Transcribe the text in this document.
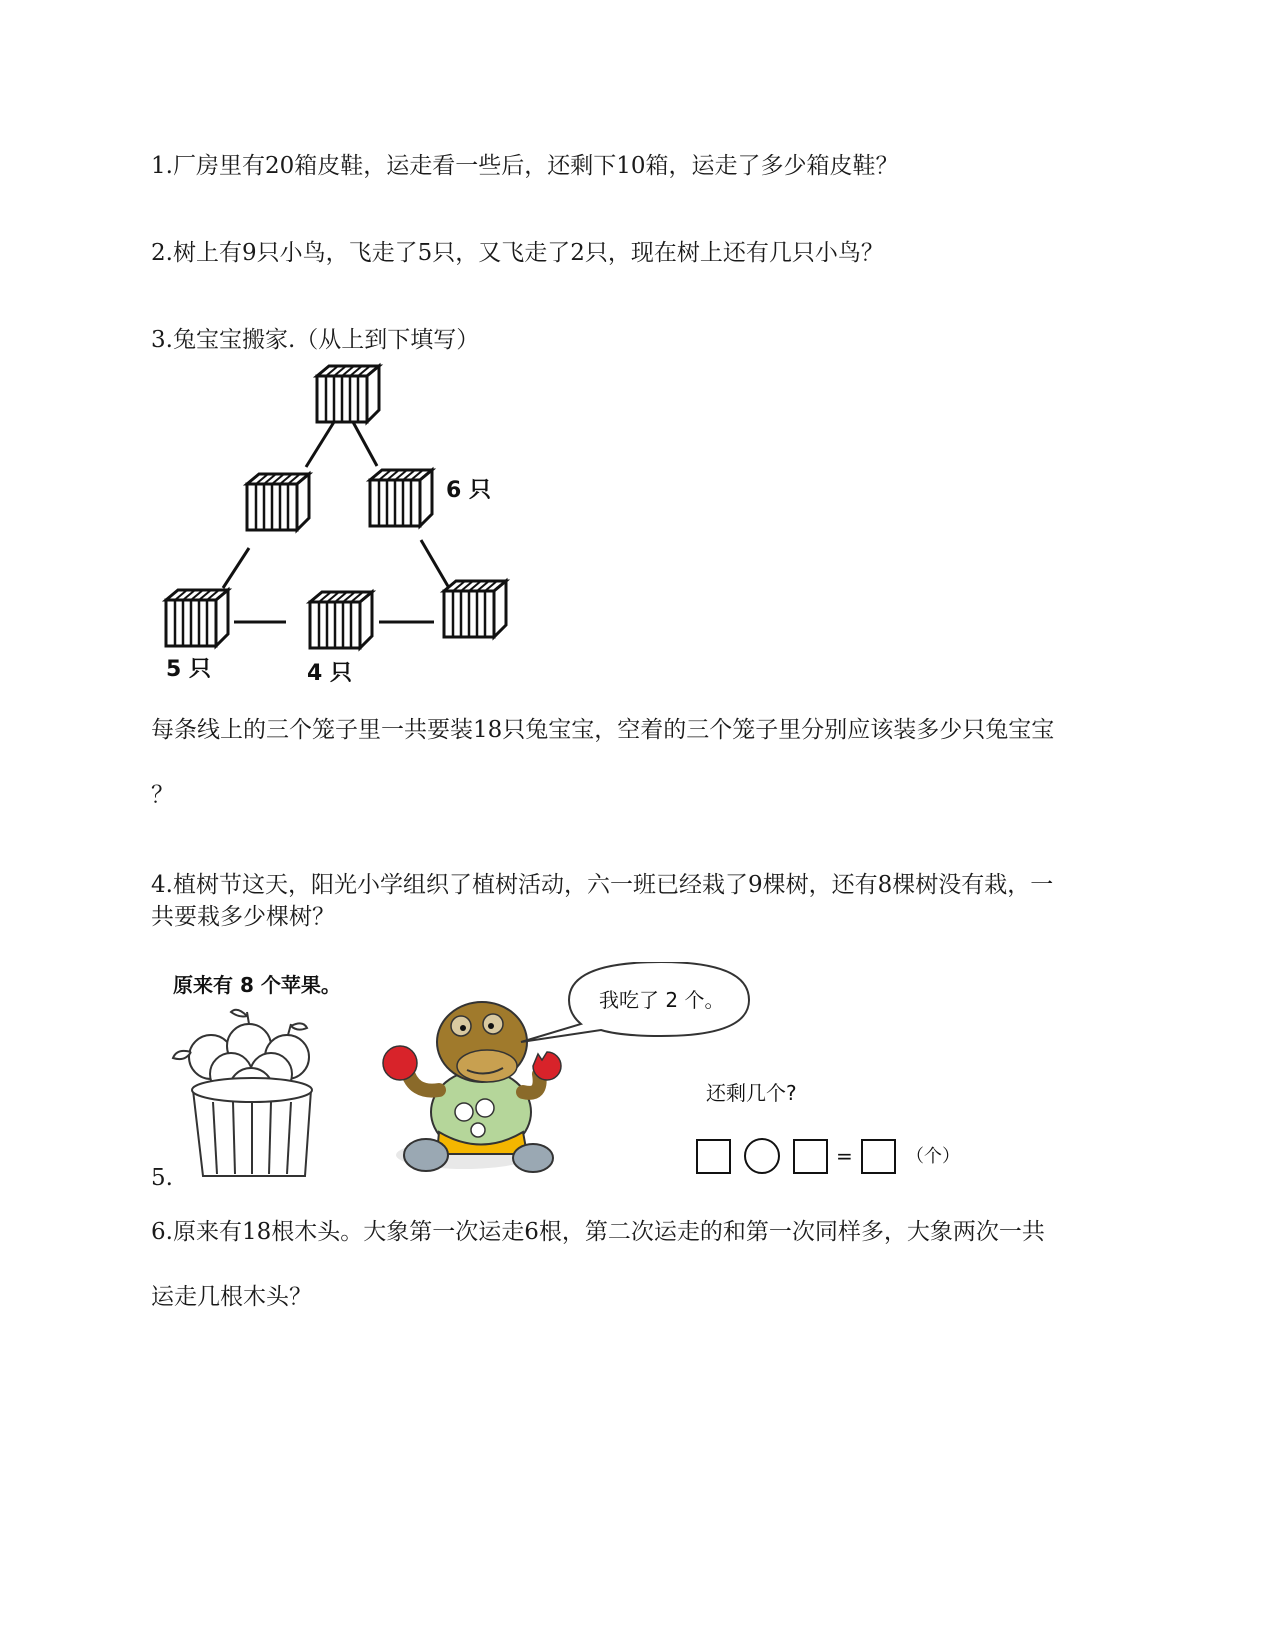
1.厂房里有20箱皮鞋，运走看一些后，还剩下10箱，运走了多少箱皮鞋？
2.树上有9只小鸟，飞走了5只，又飞走了2只，现在树上还有几只小鸟？
3.兔宝宝搬家.（从上到下填写）
6 只
5 只	4 只
每条线上的三个笼子里一共要装18只兔宝宝，空着的三个笼子里分别应该装多少只兔宝宝
？
4.植树节这天，阳光小学组织了植树活动，六一班已经栽了9棵树，还有8棵树没有栽，一
共要栽多少棵树？
原来有 8 个苹果。
我吃了 2 个。
还剩几个?
=	（个）
5.
6.原来有18根木头。大象第一次运走6根，第二次运走的和第一次同样多，大象两次一共
运走几根木头？
